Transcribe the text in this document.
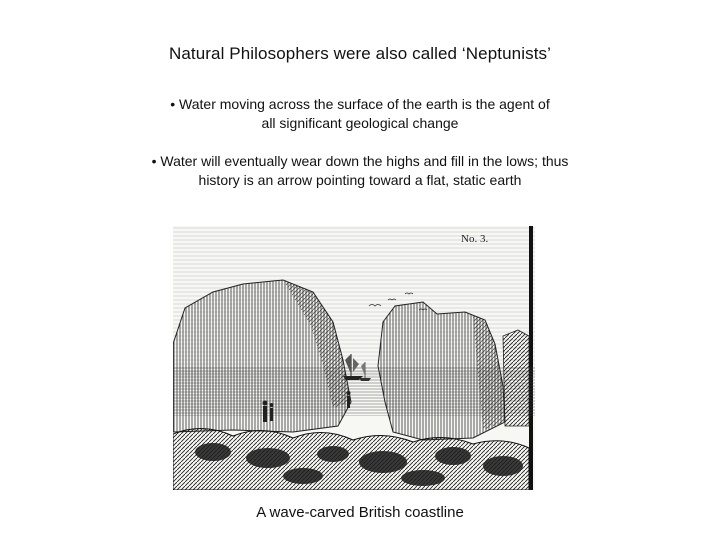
Natural Philosophers were also called ‘Neptunists’
• Water moving across the surface of the earth is the agent of
all significant geological change
• Water will eventually wear down the highs and fill in the lows; thus
history is an arrow pointing toward a flat, static earth
No. 3.
A wave-carved British coastline
